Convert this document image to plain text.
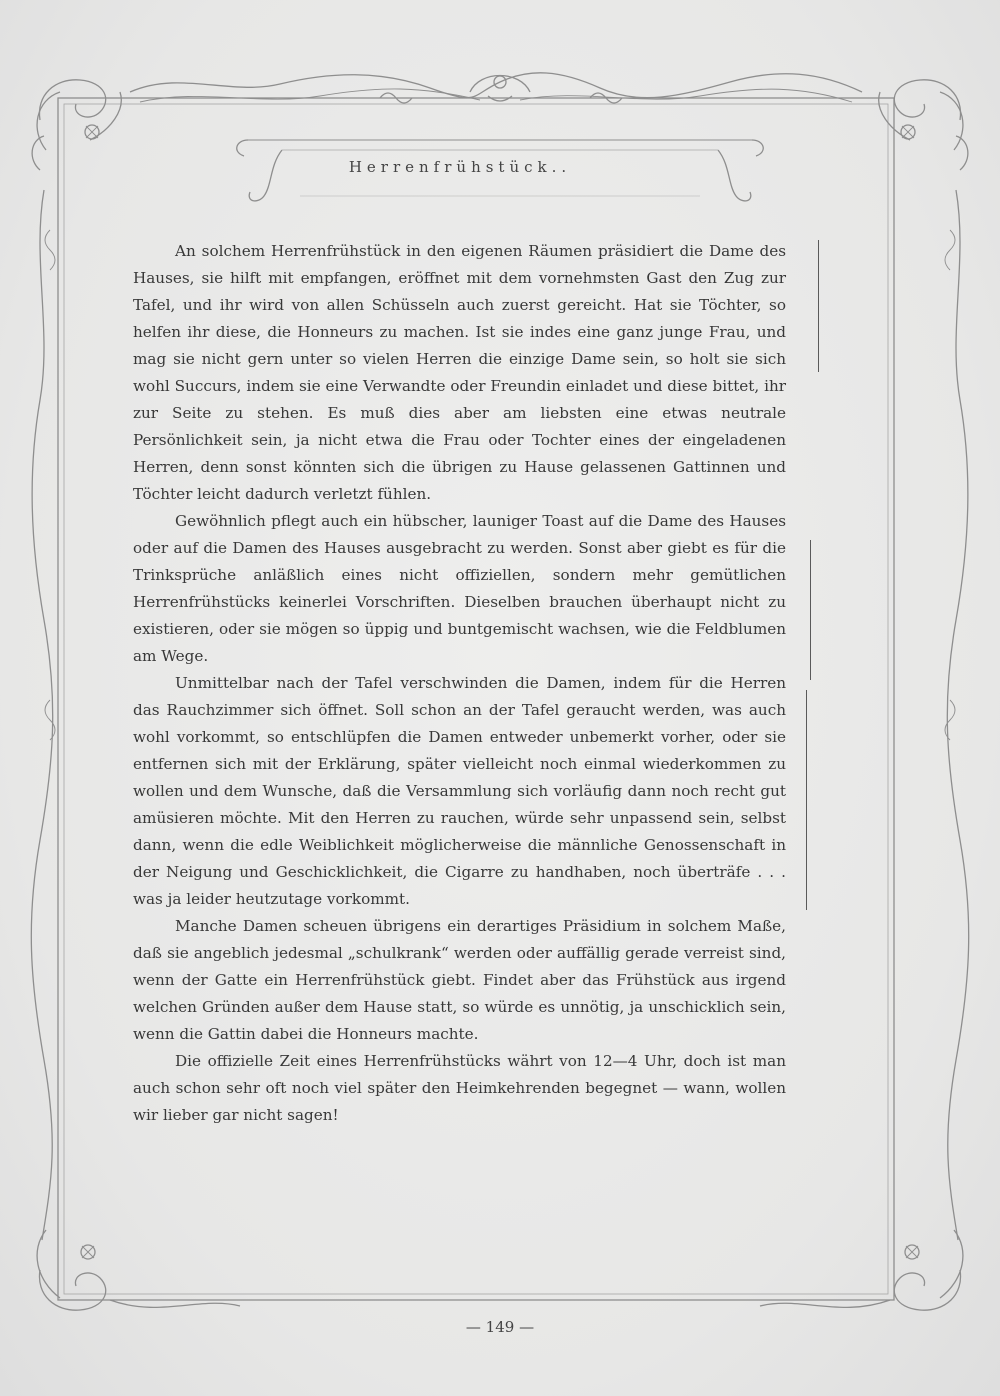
Herrenfrühstück..

An solchem Herrenfrühstück in den eigenen Räumen präsidiert die Dame des Hauses, sie hilft mit empfangen, eröffnet mit dem vornehmsten Gast den Zug zur Tafel, und ihr wird von allen Schüsseln auch zuerst gereicht. Hat sie Töchter, so helfen ihr diese, die Honneurs zu machen. Ist sie indes eine ganz junge Frau, und mag sie nicht gern unter so vielen Herren die einzige Dame sein, so holt sie sich wohl Succurs, indem sie eine Verwandte oder Freundin einladet und diese bittet, ihr zur Seite zu stehen. Es muß dies aber am liebsten eine etwas neutrale Persönlichkeit sein, ja nicht etwa die Frau oder Tochter eines der eingeladenen Herren, denn sonst könnten sich die übrigen zu Hause gelassenen Gattinnen und Töchter leicht dadurch verletzt fühlen.

Gewöhnlich pflegt auch ein hübscher, launiger Toast auf die Dame des Hauses oder auf die Damen des Hauses ausgebracht zu werden. Sonst aber giebt es für die Trinksprüche anläßlich eines nicht offiziellen, sondern mehr gemütlichen Herrenfrühstücks keinerlei Vorschriften. Dieselben brauchen überhaupt nicht zu existieren, oder sie mögen so üppig und buntgemischt wachsen, wie die Feldblumen am Wege.

Unmittelbar nach der Tafel verschwinden die Damen, indem für die Herren das Rauchzimmer sich öffnet. Soll schon an der Tafel geraucht werden, was auch wohl vorkommt, so entschlüpfen die Damen entweder unbemerkt vorher, oder sie entfernen sich mit der Erklärung, später vielleicht noch einmal wiederkommen zu wollen und dem Wunsche, daß die Versammlung sich vorläufig dann noch recht gut amüsieren möchte. Mit den Herren zu rauchen, würde sehr unpassend sein, selbst dann, wenn die edle Weiblichkeit möglicherweise die männliche Genossenschaft in der Neigung und Geschicklichkeit, die Cigarre zu handhaben, noch überträfe . . . was ja leider heutzutage vorkommt.

Manche Damen scheuen übrigens ein derartiges Präsidium in solchem Maße, daß sie angeblich jedesmal „schulkrank“ werden oder auffällig gerade verreist sind, wenn der Gatte ein Herrenfrühstück giebt. Findet aber das Frühstück aus irgend welchen Gründen außer dem Hause statt, so würde es unnötig, ja unschicklich sein, wenn die Gattin dabei die Honneurs machte.

Die offizielle Zeit eines Herrenfrühstücks währt von 12—4 Uhr, doch ist man auch schon sehr oft noch viel später den Heimkehrenden begegnet — wann, wollen wir lieber gar nicht sagen!

— 149 —
